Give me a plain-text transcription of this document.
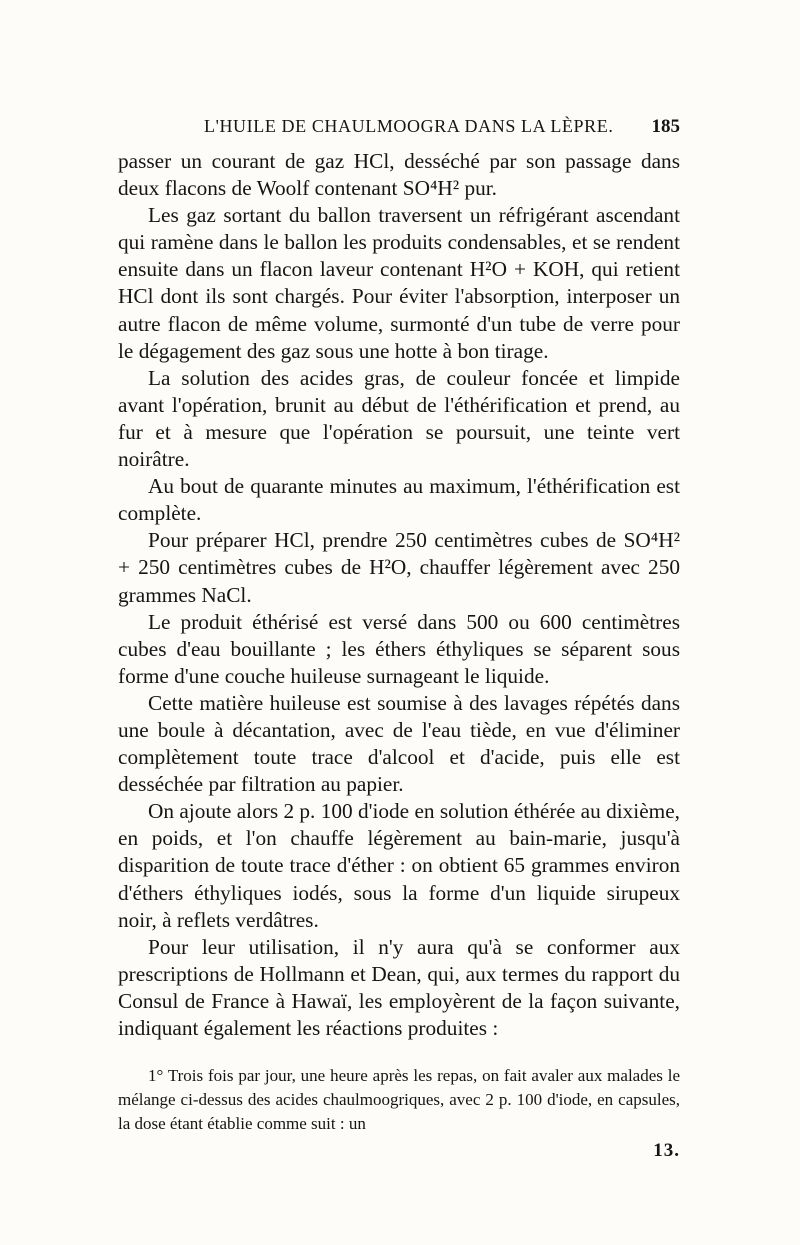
L'HUILE DE CHAULMOOGRA DANS LA LÈPRE. 185

passer un courant de gaz HCl, desséché par son passage dans deux flacons de Woolf contenant SO⁴H² pur.

Les gaz sortant du ballon traversent un réfrigérant ascendant qui ramène dans le ballon les produits condensables, et se rendent ensuite dans un flacon laveur contenant H²O + KOH, qui retient HCl dont ils sont chargés. Pour éviter l'absorption, interposer un autre flacon de même volume, surmonté d'un tube de verre pour le dégagement des gaz sous une hotte à bon tirage.

La solution des acides gras, de couleur foncée et limpide avant l'opération, brunit au début de l'éthérification et prend, au fur et à mesure que l'opération se poursuit, une teinte vert noirâtre.

Au bout de quarante minutes au maximum, l'éthérification est complète.

Pour préparer HCl, prendre 250 centimètres cubes de SO⁴H² + 250 centimètres cubes de H²O, chauffer légèrement avec 250 grammes NaCl.

Le produit éthérisé est versé dans 500 ou 600 centimètres cubes d'eau bouillante ; les éthers éthyliques se séparent sous forme d'une couche huileuse surnageant le liquide.

Cette matière huileuse est soumise à des lavages répétés dans une boule à décantation, avec de l'eau tiède, en vue d'éliminer complètement toute trace d'alcool et d'acide, puis elle est desséchée par filtration au papier.

On ajoute alors 2 p. 100 d'iode en solution éthérée au dixième, en poids, et l'on chauffe légèrement au bain-marie, jusqu'à disparition de toute trace d'éther : on obtient 65 grammes environ d'éthers éthyliques iodés, sous la forme d'un liquide sirupeux noir, à reflets verdâtres.

Pour leur utilisation, il n'y aura qu'à se conformer aux prescriptions de Hollmann et Dean, qui, aux termes du rapport du Consul de France à Hawaï, les employèrent de la façon suivante, indiquant également les réactions produites :

1° Trois fois par jour, une heure après les repas, on fait avaler aux malades le mélange ci-dessus des acides chaulmoogriques, avec 2 p. 100 d'iode, en capsules, la dose étant établie comme suit : un
13.
